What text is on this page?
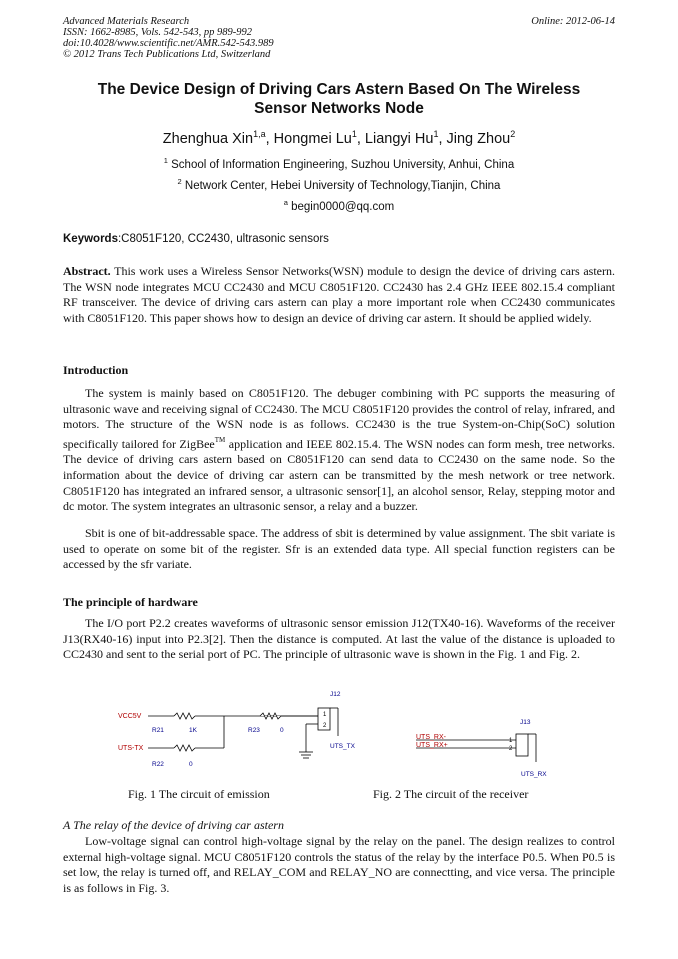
Advanced Materials Research
ISSN: 1662-8985, Vols. 542-543, pp 989-992
doi:10.4028/www.scientific.net/AMR.542-543.989
© 2012 Trans Tech Publications Ltd, Switzerland
Online: 2012-06-14
The Device Design of Driving Cars Astern Based On The Wireless
Sensor Networks Node
Zhenghua Xin$^{1,a}$, Hongmei Lu$^1$, Liangyi Hu$^1$, Jing Zhou$^2$
$^1$ School of Information Engineering, Suzhou University, Anhui, China
$^2$ Network Center, Hebei University of Technology,Tianjin, China
$^a$ begin0000@qq.com
Keywords:C8051F120, CC2430, ultrasonic sensors

Abstract. This work uses a Wireless Sensor Networks(WSN) module to design the device of driving cars astern. The WSN node integrates MCU CC2430 and MCU C8051F120. CC2430 has 2.4 GHz IEEE 802.15.4 compliant RF transceiver. The device of driving cars astern can play a more important role when CC2430 communicates with C8051F120. This paper shows how to design an device of driving car astern. It should be applied widely.

Introduction

The system is mainly based on C8051F120. The debuger combining with PC supports the measuring of ultrasonic wave and receiving signal of CC2430. The MCU C8051F120 provides the control of relay, infrared, and motors. The structure of the WSN node is as follows. CC2430 is the true System-on-Chip(SoC) solution specifically tailored for ZigBee™ application and IEEE 802.15.4. The WSN nodes can form mesh, tree networks. The device of driving cars astern based on C8051F120 can send data to CC2430 on the same node. So the information about the device of driving car astern can be transmitted by the mesh network or tree network. C8051F120 has integrated an infrared sensor, a ultrasonic sensor[1], an alcohol sensor, Relay, stepping motor and dc motor. The system integrates an ultrasonic sensor, a relay and a buzzer.

Sbit is one of bit-addressable space. The address of sbit is determined by value assignment. The sbit variate is used to operate on some bit of the register. Sfr is an extended data type. All special function registers can be accessed by the sfr variate.

The principle of hardware

The I/O port P2.2 creates waveforms of ultrasonic sensor emission J12(TX40-16). Waveforms of the receiver J13(RX40-16) input into P2.3[2]. Then the distance is computed. At last the value of the distance is uploaded to CC2430 and sent to the serial port of PC. The principle of ultrasonic wave is shown in the Fig. 1 and Fig. 2.

VCC5V
UTS-TX
R21	1K
R22	0
R23	0
J12
UTS_TX
1
2
Fig. 1 The circuit of emission
UTS_RX-
UTS_RX+
J13
UTS_RX
1
2
Fig. 2 The circuit of the receiver
A The relay of the device of driving car astern

Low-voltage signal can control high-voltage signal by the relay on the panel. The design realizes to control external high-voltage signal. MCU C8051F120 controls the status of the relay by the interface P0.5. When P0.5 is set low, the relay is turned off, and RELAY_COM and RELAY_NO are connectting, and vice versa. The principle is as follows in Fig. 3.
